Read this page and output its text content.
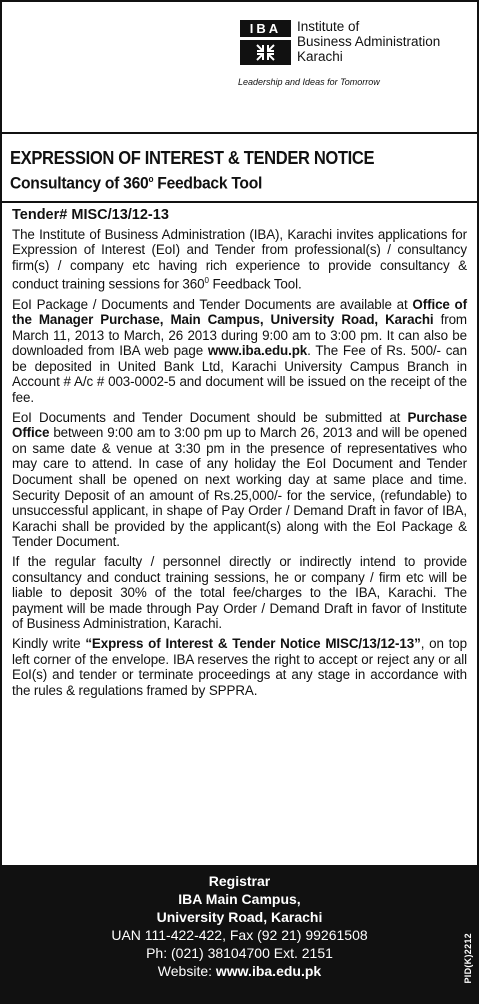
IBA	Institute of
Business Administration
Karachi
Leadership and Ideas for Tomorrow
EXPRESSION OF INTEREST & TENDER NOTICE
Consultancy of 360$^o$ Feedback Tool
Tender# MISC/13/12-13

The Institute of Business Administration (IBA), Karachi invites applications for Expression of Interest (EoI) and Tender from professional(s) / consultancy firm(s) / company etc having rich experience to provide consultancy & conduct training sessions for $360^0$ Feedback Tool.

EoI Package / Documents and Tender Documents are available at Office of the Manager Purchase, Main Campus, University Road, Karachi from March 11, 2013 to March, 26 2013 during 9:00 am to 3:00 pm. It can also be downloaded from IBA web page www.iba.edu.pk. The Fee of Rs. 500/- can be deposited in United Bank Ltd, Karachi University Campus Branch in Account # A/c # 003-0002-5 and document will be issued on the receipt of the fee.

EoI Documents and Tender Document should be submitted at Purchase Office between 9:00 am to 3:00 pm up to March 26, 2013 and will be opened on same date & venue at 3:30 pm in the presence of representatives who may care to attend. In case of any holiday the EoI Document and Tender Document shall be opened on next working day at same place and time. Security Deposit of an amount of Rs.25,000/- for the service, (refundable) to unsuccessful applicant, in shape of Pay Order / Demand Draft in favor of IBA, Karachi shall be provided by the applicant(s) along with the EoI Package & Tender Document.

If the regular faculty / personnel directly or indirectly intend to provide consultancy and conduct training sessions, he or company / firm etc will be liable to deposit 30% of the total fee/charges to the IBA, Karachi. The payment will be made through Pay Order / Demand Draft in favor of Institute of Business Administration, Karachi.

Kindly write “Express of Interest & Tender Notice MISC/13/12-13”, on top left corner of the envelope. IBA reserves the right to accept or reject any or all EoI(s) and tender or terminate proceedings at any stage in accordance with the rules & regulations framed by SPPRA.

Registrar
IBA Main Campus,
University Road, Karachi
UAN 111-422-422, Fax (92 21) 99261508
Ph: (021) 38104700 Ext. 2151
Website: www.iba.edu.pk	PID(K)2212
